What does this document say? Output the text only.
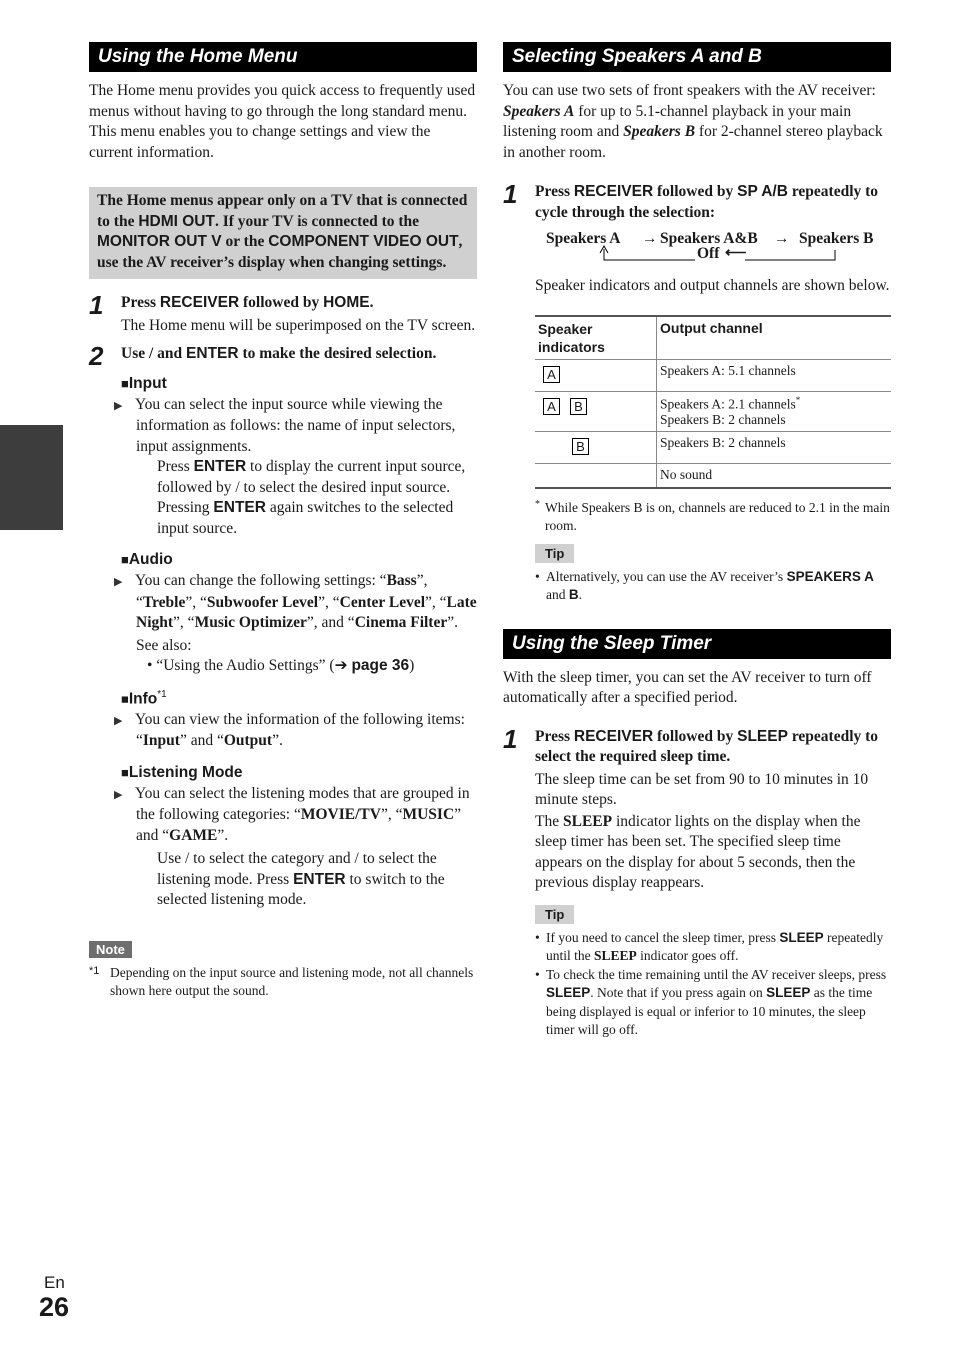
Using the Home Menu

The Home menu provides you quick access to frequently used menus without having to go through the long standard menu. This menu enables you to change settings and view the current information.

The Home menus appear only on a TV that is connected to the HDMI OUT. If your TV is connected to the MONITOR OUT V or the COMPONENT VIDEO OUT, use the AV receiver’s display when changing settings.
1 Press RECEIVER followed by HOME.

The Home menu will be superimposed on the TV screen.

2 Use / and ENTER to make the desired selection.

■Input

▶ You can select the input source while viewing the information as follows: the name of input selectors, input assignments.

Press ENTER to display the current input source, followed by / to select the desired input source. Pressing ENTER again switches to the selected input source.

■Audio

▶ You can change the following settings: “Bass”, “Treble”, “Subwoofer Level”, “Center Level”, “Late Night”, “Music Optimizer”, and “Cinema Filter”.

See also:

• “Using the Audio Settings” (➔ page 36)

■Info$^{*1}$

▶ You can view the information of the following items: “Input” and “Output”.

■Listening Mode

▶ You can select the listening modes that are grouped in the following categories: “MOVIE/TV”, “MUSIC” and “GAME”.

Use / to select the category and / to select the listening mode. Press ENTER to switch to the selected listening mode.

Note
*1 Depending on the input source and listening mode, not all channels shown here output the sound.
Selecting Speakers A and B

You can use two sets of front speakers with the AV receiver: Speakers A for up to 5.1-channel playback in your main listening room and Speakers B for 2-channel stereo playback in another room.

1 Press RECEIVER followed by SP A/B repeatedly to cycle through the selection:

Speakers A → Speakers A&B → Speakers B
Off ⟵

Speaker indicators and output channels are shown below.

Speaker indicators	Output channel
A	Speakers A: 5.1 channels
A B	Speakers A: 2.1 channels*
Speakers B: 2 channels
B	Speakers B: 2 channels
	No sound
* While Speakers B is on, channels are reduced to 2.1 in the main room.
Tip
• Alternatively, you can use the AV receiver’s SPEAKERS A and B.
Using the Sleep Timer

With the sleep timer, you can set the AV receiver to turn off automatically after a specified period.

1 Press RECEIVER followed by SLEEP repeatedly to select the required sleep time.

The sleep time can be set from 90 to 10 minutes in 10 minute steps.

The SLEEP indicator lights on the display when the sleep timer has been set. The specified sleep time appears on the display for about 5 seconds, then the previous display reappears.

Tip
• If you need to cancel the sleep timer, press SLEEP repeatedly until the SLEEP indicator goes off.
• To check the time remaining until the AV receiver sleeps, press SLEEP. Note that if you press again on SLEEP as the time being displayed is equal or inferior to 10 minutes, the sleep timer will go off.
En
26
